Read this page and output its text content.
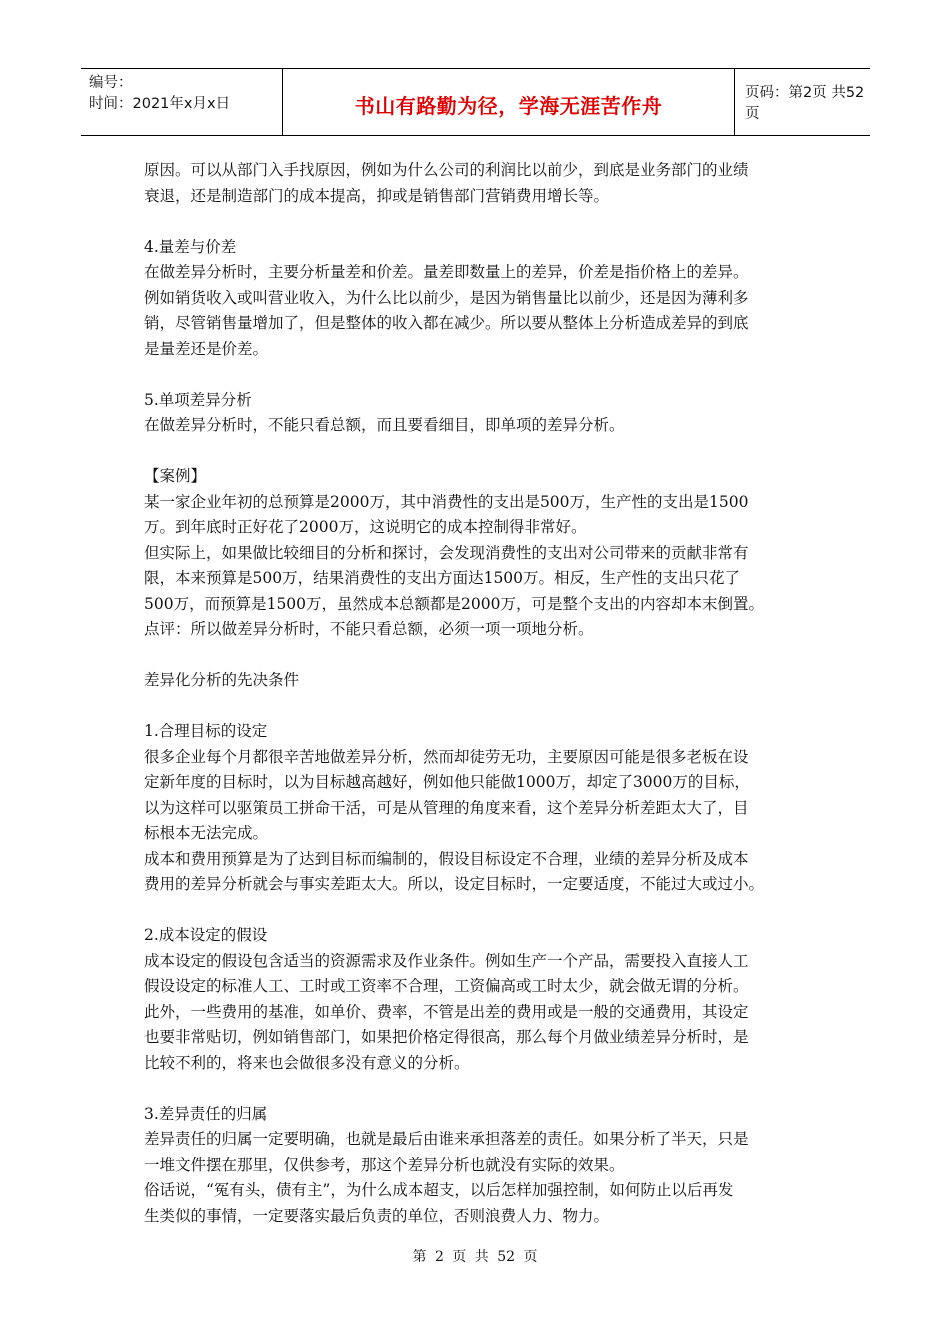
编号：
时间：2021年x月x日	书山有路勤为径，学海无涯苦作舟
页码：第2页 共52页

原因。可以从部门入手找原因，例如为什么公司的利润比以前少，到底是业务部门的业绩

衰退，还是制造部门的成本提高，抑或是销售部门营销费用增长等。

4.量差与价差

在做差异分析时，主要分析量差和价差。量差即数量上的差异，价差是指价格上的差异。

例如销货收入或叫营业收入，为什么比以前少，是因为销售量比以前少，还是因为薄利多

销，尽管销售量增加了，但是整体的收入都在减少。所以要从整体上分析造成差异的到底

是量差还是价差。

5.单项差异分析

在做差异分析时，不能只看总额，而且要看细目，即单项的差异分析。

【案例】

某一家企业年初的总预算是2000万，其中消费性的支出是500万，生产性的支出是1500

万。到年底时正好花了2000万，这说明它的成本控制得非常好。

但实际上，如果做比较细目的分析和探讨，会发现消费性的支出对公司带来的贡献非常有

限，本来预算是500万，结果消费性的支出方面达1500万。相反，生产性的支出只花了

500万，而预算是1500万，虽然成本总额都是2000万，可是整个支出的内容却本末倒置。

点评：所以做差异分析时，不能只看总额，必须一项一项地分析。

差异化分析的先决条件

1.合理目标的设定

很多企业每个月都很辛苦地做差异分析，然而却徒劳无功，主要原因可能是很多老板在设

定新年度的目标时，以为目标越高越好，例如他只能做1000万，却定了3000万的目标，

以为这样可以驱策员工拼命干活，可是从管理的角度来看，这个差异分析差距太大了，目

标根本无法完成。

成本和费用预算是为了达到目标而编制的，假设目标设定不合理，业绩的差异分析及成本

费用的差异分析就会与事实差距太大。所以，设定目标时，一定要适度，不能过大或过小。

2.成本设定的假设

成本设定的假设包含适当的资源需求及作业条件。例如生产一个产品，需要投入直接人工

假设设定的标准人工、工时或工资率不合理，工资偏高或工时太少，就会做无谓的分析。

此外，一些费用的基准，如单价、费率，不管是出差的费用或是一般的交通费用，其设定

也要非常贴切，例如销售部门，如果把价格定得很高，那么每个月做业绩差异分析时，是

比较不利的，将来也会做很多没有意义的分析。

3.差异责任的归属

差异责任的归属一定要明确，也就是最后由谁来承担落差的责任。如果分析了半天，只是

一堆文件摆在那里，仅供参考，那这个差异分析也就没有实际的效果。

俗话说，“冤有头，债有主”，为什么成本超支，以后怎样加强控制，如何防止以后再发

生类似的事情，一定要落实最后负责的单位，否则浪费人力、物力。

第 2 页 共 52 页
